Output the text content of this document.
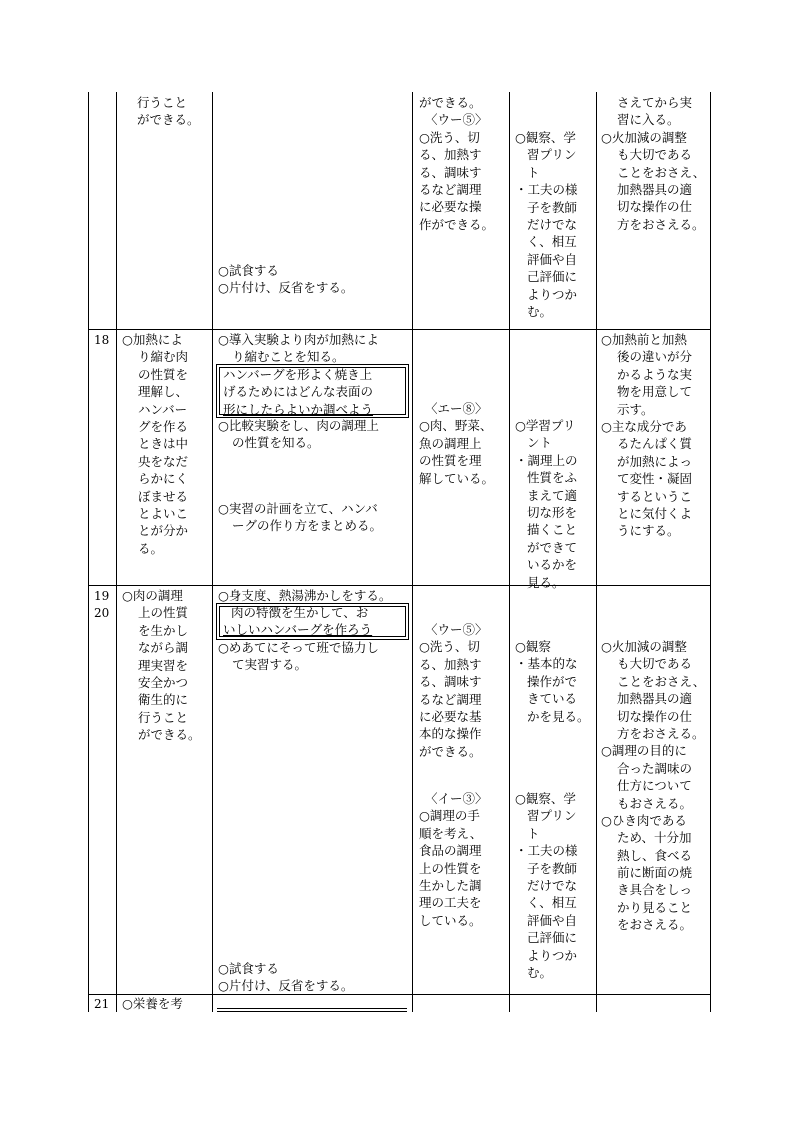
行うこと
ができる。
○試食する
○片付け、反省をする。
ができる。
〈ウー⑤〉
○洗う、切
る、加熱す
る、調味す
るなど調理
に必要な操
作ができる。
○観察、学
習プリン
ト
・工夫の様
子を教師
だけでな
く、相互
評価や自
己評価に
よりつか
む。
さえてから実
習に入る。
○火加減の調整
も大切である
ことをおさえ、
加熱器具の適
切な操作の仕
方をおさえる。
18 ○加熱によ
り縮む肉
の性質を
理解し、
ハンバー
グを作る
ときは中
央をなだ
らかにく
ぼませる
とよいこ
とが分か
る。
○導入実験より肉が加熱によ
り縮むことを知る。
ハンバーグを形よく焼き上
げるためにはどんな表面の
形にしたらよいか調べよう
○比較実験をし、肉の調理上
の性質を知る。
○実習の計画を立て、ハンバ
ーグの作り方をまとめる。
〈エー⑧〉
○肉、野菜、
魚の調理上
の性質を理
解している。
○学習プリ
ント
・調理上の
性質をふ
まえて適
切な形を
描くこと
ができて
いるかを
見る。
○加熱前と加熱
後の違いが分
かるような実
物を用意して
示す。
○主な成分であ
るたんぱく質
が加熱によっ
て変性・凝固
するというこ
とに気付くよ
うにする。
19
20
○肉の調理
上の性質
を生かし
ながら調
理実習を
安全かつ
衛生的に
行うこと
ができる。
○身支度、熱湯沸かしをする。
肉の特徴を生かして、お
いしいハンバーグを作ろう
○めあてにそって班で協力し
て実習する。
○試食する
○片付け、反省をする。
〈ウー⑤〉
○洗う、切
る、加熱す
る、調味す
るなど調理
に必要な基
本的な操作
ができる。
〈イー③〉
○調理の手
順を考え、
食品の調理
上の性質を
生かした調
理の工夫を
している。
○観察
・基本的な
操作がで
きている
かを見る。
○観察、学
習プリン
ト
・工夫の様
子を教師
だけでな
く、相互
評価や自
己評価に
よりつか
む。
○火加減の調整
も大切である
ことをおさえ、
加熱器具の適
切な操作の仕
方をおさえる。
○調理の目的に
合った調味の
仕方について
もおさえる。
○ひき肉である
ため、十分加
熱し、食べる
前に断面の焼
き具合をしっ
かり見ること
をおさえる。
21 ○栄養を考
